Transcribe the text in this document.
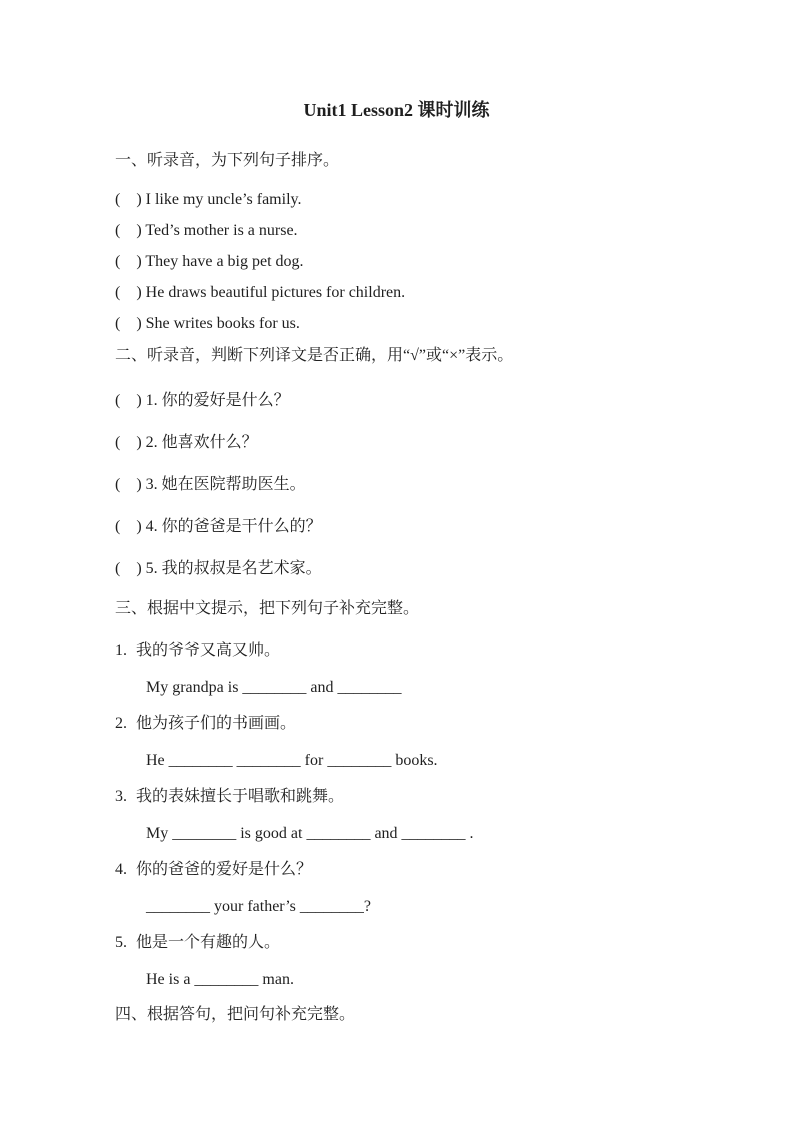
Unit1 Lesson2 课时训练
一、听录音，为下列句子排序。
(    ) I like my uncle’s family.
(    ) Ted’s mother is a nurse.
(    ) They have a big pet dog.
(    ) He draws beautiful pictures for children.
(    ) She writes books for us.
二、听录音，判断下列译文是否正确，用“√”或“×”表示。
(    ) 1. 你的爱好是什么？
(    ) 2. 他喜欢什么？
(    ) 3. 她在医院帮助医生。
(    ) 4. 你的爸爸是干什么的？
(    ) 5. 我的叔叔是名艺术家。
三、根据中文提示，把下列句子补充完整。
1. 我的爷爷又高又帅。
My grandpa is ________ and ________
2. 他为孩子们的书画画。
He ________ ________ for ________ books.
3. 我的表妹擅长于唱歌和跳舞。
My ________ is good at ________ and ________ .
4. 你的爸爸的爱好是什么？
________ your father’s ________?
5. 他是一个有趣的人。
He is a ________ man.
四、根据答句，把问句补充完整。
